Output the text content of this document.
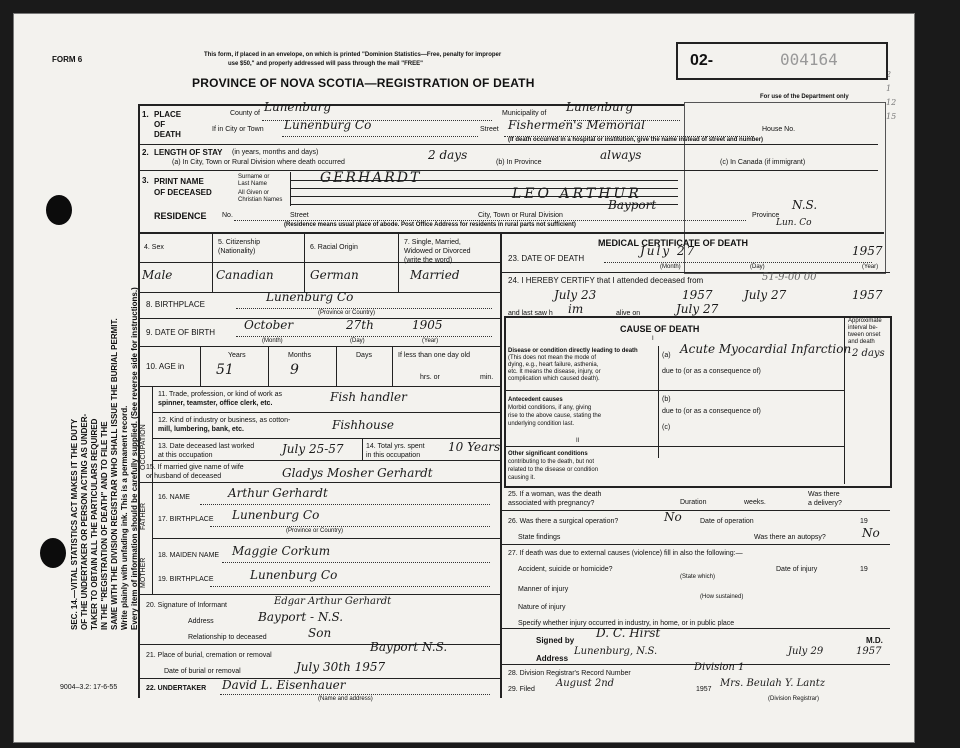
2
1
12
15
FORM 6	This form, if placed in an envelope, on which is printed "Dominion Statistics—Free, penalty for improper
use $50," and properly addressed will pass through the mail "FREE"
PROVINCE OF NOVA SCOTIA—REGISTRATION OF DEATH
02-	004164
For use of the Department only
SEC. 14.—VITAL STATISTICS ACT MAKES IT THE DUTY OF THE UNDERTAKER OR PERSON ACTING AS UNDER- TAKER TO OBTAIN ALL THE PARTICULARS REQUIRED IN THE "REGISTRATION OF DEATH" AND TO FILE THE Write plainly with unfading ink. This is a permanent record.
1. PLACE
OF
DEATH
County of Lunenburg	Municipality of Lunenburg
If in City or Town Lunenburg Co	Street Fishermen's Memorial	House No.
(If death occurred in a hospital or institution, give the name instead of street and number)
2. LENGTH OF STAY (in years, months and days)
(a) In City, Town or Rural Division where death occurred
2 days
(b) In Province
always
(c) In Canada (if immigrant)
3. PRINT NAME
OF DECEASED
Surname or
Last Name
All Given or
Christian Names
GERHARDT
LEO ARTHUR
RESIDENCE No.	Street	City, Town or Rural Division
Bayport
Province
N.S.
Lun. Co
(Residence means usual place of abode. Post Office Address for residents in rural parts not sufficient)
4. Sex
5. Citizenship
(Nationality)
6. Racial Origin
7. Single, Married,
Widowed or Divorced
(write the word)
Male	Canadian	German	Married
8. BIRTHPLACE
Lunenburg Co
(Province or Country)
9. DATE OF BIRTH
October	27th	1905
(Month)	(Day)	(Year)
10. AGE in
Years	Months	Days	If less than one day old
51	9	hrs. or	min.
OCCUPATION
11. Trade, profession, or kind of work as
spinner, teamster, office clerk, etc.	Fish handler
12. Kind of industry or business, as cotton-
mill, lumbering, bank, etc.	Fishhouse
13. Date deceased last worked
at this occupation	July 25-57	14. Total yrs. spent
in this occupation
10 Years
15. If married give name of wife
or husband of deceased	Gladys Mosher Gerhardt
FATHER
MOTHER
16. NAME	Arthur Gerhardt
17. BIRTHPLACE Lunenburg Co
(Province or Country)
18. MAIDEN NAME Maggie Corkum
19. BIRTHPLACE	Lunenburg Co
20. Signature of Informant	Edgar Arthur Gerhardt
Address	Bayport - N.S.
Relationship to deceased	Son
21. Place of burial, cremation or removal
Bayport N.S.
Date of burial or removal	July 30th 1957
22. UNDERTAKER David L. Eisenhauer
(Name and address)
9004–3.2: 17-6-55
MEDICAL CERTIFICATE OF DEATH
23. DATE OF DEATH
July 27	1957
(Month)	(Day)	(Year)
24. I HEREBY CERTIFY that I attended deceased from	51-9-00 00
July 23	1957	July 27	1957
and last saw h im	alive on	July 27
CAUSE OF DEATH
Approximate
interval be-
tween onset
and death
I
Disease or condition directly leading to death
(This does not mean the mode of
dying, e.g., heart failure, asthenia,
etc. It means the disease, injury, or
complication which caused death).
(a) Acute Myocardial Infarction 2 days
due to (or as a consequence of)
Antecedent causes
Morbid conditions, if any, giving
rise to the above cause, stating the
underlying condition last.
(b)
due to (or as a consequence of)
(c)
II
Other significant conditions
contributing to the death, but not
related to the disease or condition
causing it.
25. If a woman, was the death
associated with pregnancy?	Duration	weeks.
Was there
a delivery?
26. Was there a surgical operation?	No	Date of operation	19
State findings	Was there an autopsy?	No
27. If death was due to external causes (violence) fill in also the following:—
Accident, suicide or homicide?
(State which)
Date of injury	19
Manner of injury
(How sustained)
Nature of injury
Specify whether injury occurred in industry, in home, or in public place
Signed by
D. C. Hirst
M.D.
Address
Lunenburg, N.S.	July 29	1957
28. Division Registrar's Record Number
Division 1
29. Filed
August 2nd
1957
Mrs. Beulah Y. Lantz
(Division Registrar)
